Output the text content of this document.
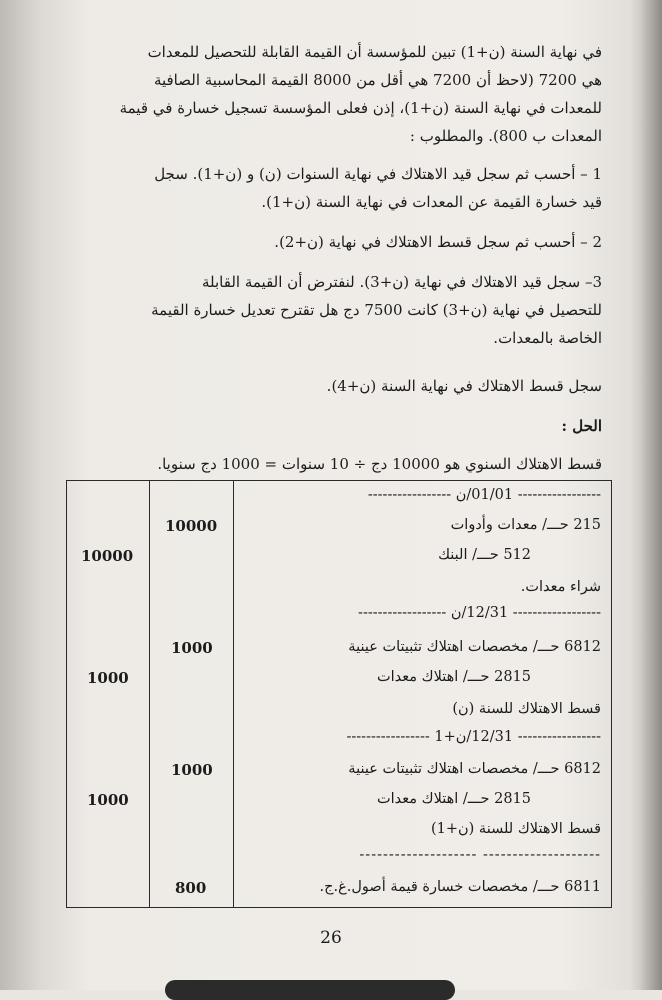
في نهاية السنة (ن+1) تبين للمؤسسة أن القيمة القابلة للتحصيل للمعدات
هي 7200 (لاحظ أن 7200 هي أقل من 8000 القيمة المحاسبية الصافية
للمعدات في نهاية السنة (ن+1)، إذن فعلى المؤسسة تسجيل خسارة في قيمة
المعدات ب 800). والمطلوب :
1 – أحسب ثم سجل قيد الاهتلاك في نهاية السنوات (ن) و (ن+1). سجل
قيد خسارة القيمة عن المعدات في نهاية السنة (ن+1).
2 – أحسب ثم سجل قسط الاهتلاك في نهاية (ن+2).
3– سجل قيد الاهتلاك في نهاية (ن+3). لنفترض أن القيمة القابلة
للتحصيل في نهاية (ن+3) كانت 7500 دج هل تقترح تعديل خسارة القيمة
الخاصة بالمعدات.
سجل قسط الاهتلاك في نهاية السنة (ن+4).
الحل :
قسط الاهتلاك السنوي هو 10000 دج ÷ 10 سنوات = 1000 دج سنويا.
----------------- 01/01/ن -----------------
215 حـــ/ معدات وأدوات
512 حـــ/ البنك
شراء معدات.
10000
10000
------------------ 12/31/ن ------------------
6812 حـــ/ مخصصات اهتلاك تثبيتات عينية
2815 حـــ/ اهتلاك معدات
قسط الاهتلاك للسنة (ن)
1000
1000
----------------- 12/31/ن+1 -----------------
6812 حـــ/ مخصصات اهتلاك تثبيتات عينية
2815 حـــ/ اهتلاك معدات
قسط الاهتلاك للسنة (ن+1)
1000
1000
-------------------- --------------------
6811 حـــ/ مخصصات خسارة قيمة أصول.غ.ج.
800
26
